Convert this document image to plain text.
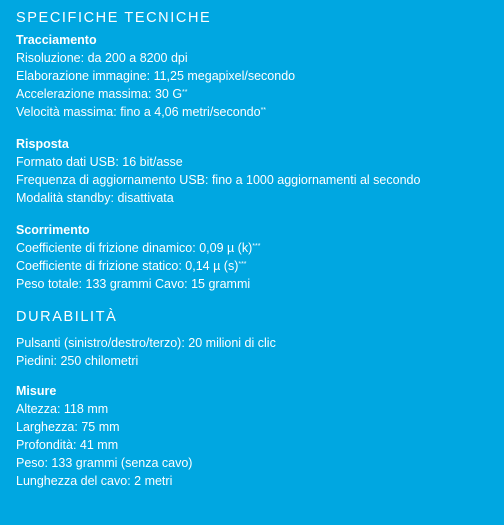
SPECIFICHE TECNICHE
Tracciamento
Risoluzione: da 200 a 8200 dpi
Elaborazione immagine: 11,25 megapixel/secondo
Accelerazione massima: 30 G**
Velocità massima: fino a 4,06 metri/secondo**
Risposta
Formato dati USB: 16 bit/asse
Frequenza di aggiornamento USB: fino a 1000 aggiornamenti al secondo
Modalità standby: disattivata
Scorrimento
Coefficiente di frizione dinamico: 0,09 µ (k)***
Coefficiente di frizione statico: 0,14 µ (s)***
Peso totale: 133 grammi Cavo: 15 grammi
DURABILITÀ
Pulsanti (sinistro/destro/terzo): 20 milioni di clic
Piedini: 250 chilometri
Misure
Altezza: 118 mm
Larghezza: 75 mm
Profondità: 41 mm
Peso: 133 grammi (senza cavo)
Lunghezza del cavo: 2 metri
